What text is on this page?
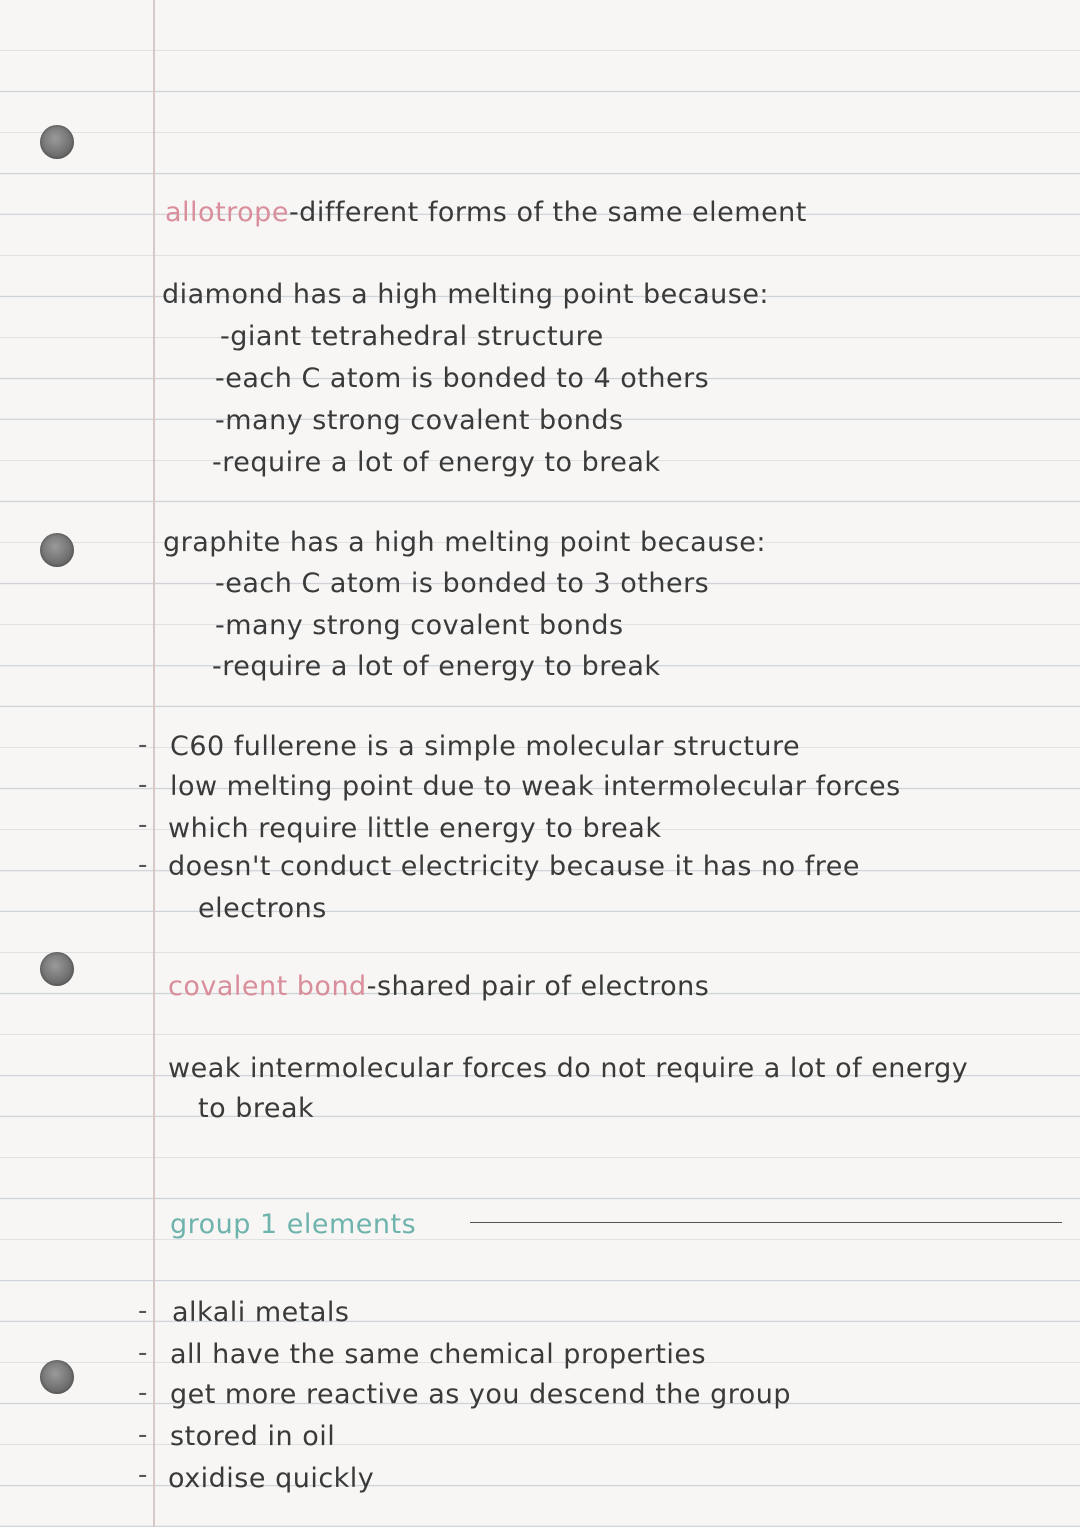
allotrope-different forms of the same element
diamond has a high melting point because:
-giant tetrahedral structure
-each C atom is bonded to 4 others
-many strong covalent bonds
-require a lot of energy to break
graphite has a high melting point because:
-each C atom is bonded to 3 others
-many strong covalent bonds
-require a lot of energy to break
-
-
-
-
C60 fullerene is a simple molecular structure
low melting point due to weak intermolecular forces
which require little energy to break
doesn't conduct electricity because it has no free
electrons
covalent bond-shared pair of electrons
weak intermolecular forces do not require a lot of energy
to break
group 1 elements
-
-
-
-
-
alkali metals
all have the same chemical properties
get more reactive as you descend the group
stored in oil
oxidise quickly
